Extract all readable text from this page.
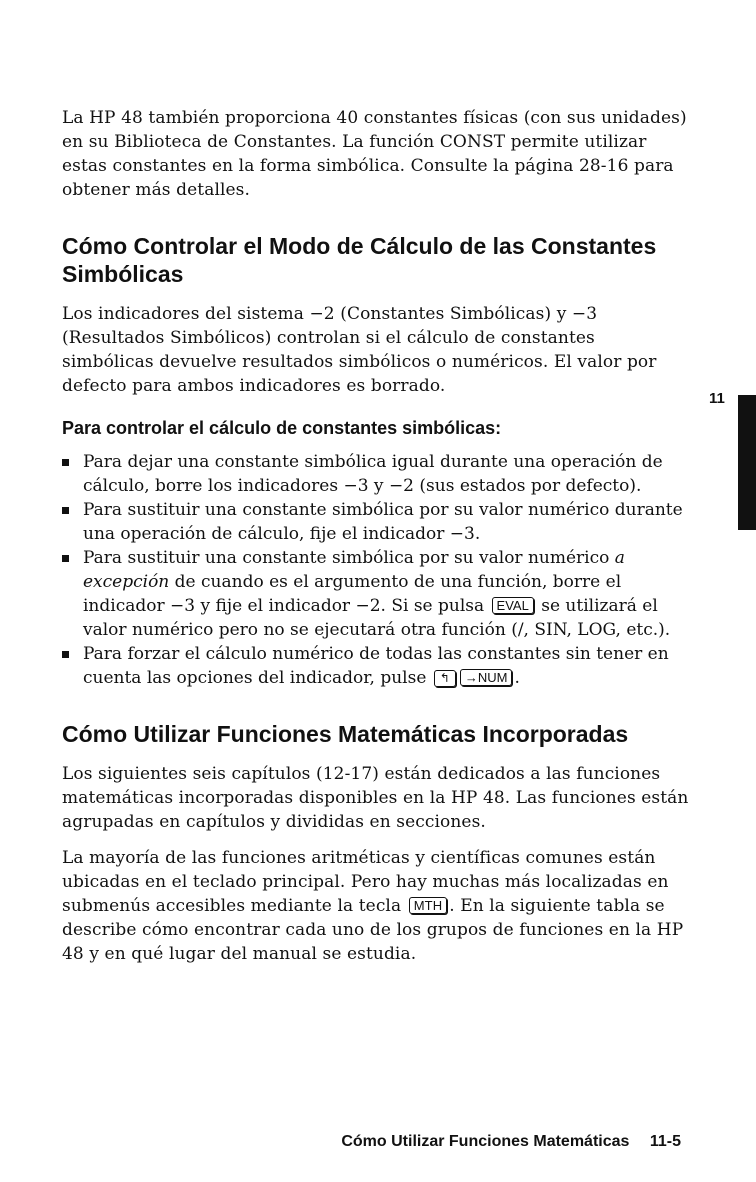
La HP 48 también proporciona 40 constantes físicas (con sus unidades) en su Biblioteca de Constantes. La función CONST permite utilizar estas constantes en la forma simbólica. Consulte la página 28-16 para obtener más detalles.

Cómo Controlar el Modo de Cálculo de las Constantes Simbólicas

Los indicadores del sistema −2 (Constantes Simbólicas) y −3 (Resultados Simbólicos) controlan si el cálculo de constantes simbólicas devuelve resultados simbólicos o numéricos. El valor por defecto para ambos indicadores es borrado.

Para controlar el cálculo de constantes simbólicas:
Para dejar una constante simbólica igual durante una operación de cálculo, borre los indicadores −3 y −2 (sus estados por defecto).
Para sustituir una constante simbólica por su valor numérico durante una operación de cálculo, fije el indicador −3.
Para sustituir una constante simbólica por su valor numérico a excepción de cuando es el argumento de una función, borre el indicador −3 y fije el indicador −2. Si se pulsa EVAL se utilizará el valor numérico pero no se ejecutará otra función (/, SIN, LOG, etc.).
Para forzar el cálculo numérico de todas las constantes sin tener en cuenta las opciones del indicador, pulse ↰ →NUM .
Cómo Utilizar Funciones Matemáticas Incorporadas

Los siguientes seis capítulos (12-17) están dedicados a las funciones matemáticas incorporadas disponibles en la HP 48. Las funciones están agrupadas en capítulos y divididas en secciones.

La mayoría de las funciones aritméticas y científicas comunes están ubicadas en el teclado principal. Pero hay muchas más localizadas en submenús accesibles mediante la tecla MTH . En la siguiente tabla se describe cómo encontrar cada uno de los grupos de funciones en la HP 48 y en qué lugar del manual se estudia.

11
Cómo Utilizar Funciones Matemáticas 11-5
